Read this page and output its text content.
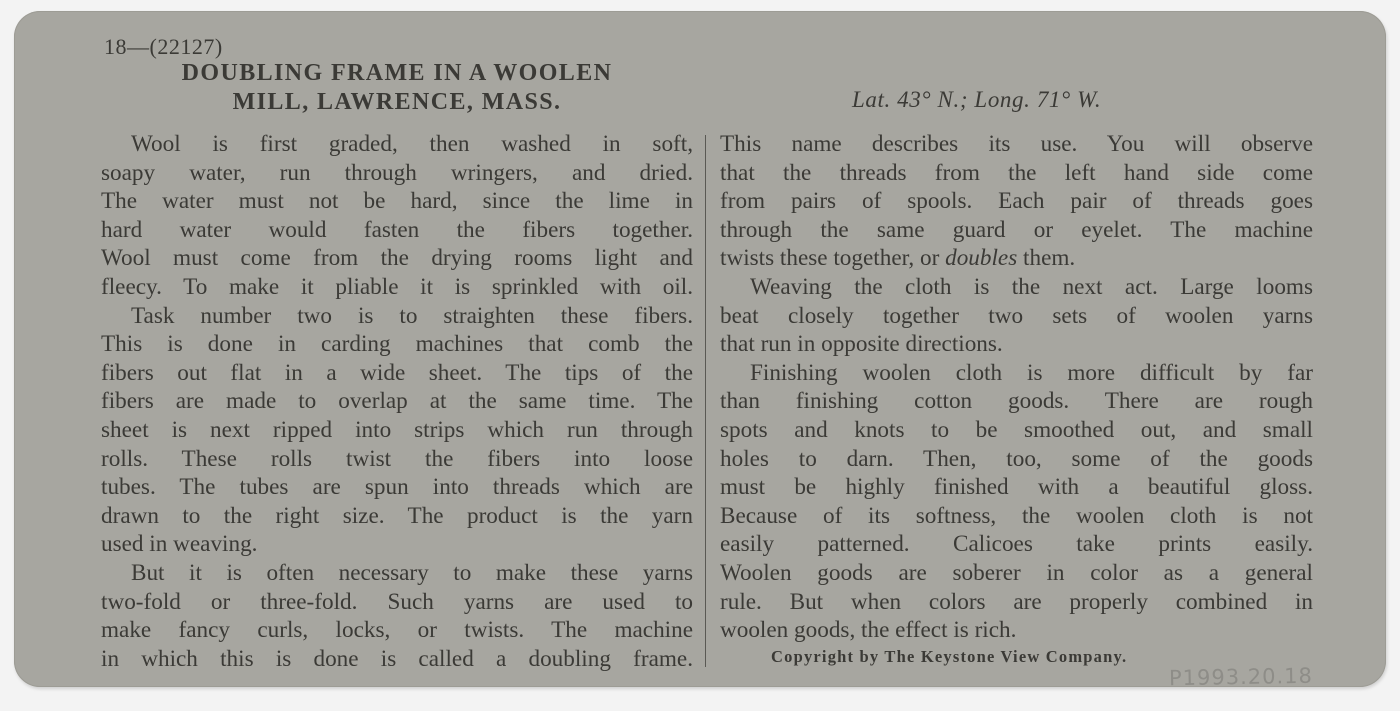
18—(22127)
DOUBLING FRAME IN A WOOLEN
MILL, LAWRENCE, MASS.	Lat. 43° N.; Long. 71° W.
Wool is first graded, then washed in soft,
soapy water, run through wringers, and dried.
The water must not be hard, since the lime in
hard water would fasten the fibers together.
Wool must come from the drying rooms light and
fleecy. To make it pliable it is sprinkled with oil.
Task number two is to straighten these fibers.
This is done in carding machines that comb the
fibers out flat in a wide sheet. The tips of the
fibers are made to overlap at the same time. The
sheet is next ripped into strips which run through
rolls. These rolls twist the fibers into loose
tubes. The tubes are spun into threads which are
drawn to the right size. The product is the yarn
used in weaving.
But it is often necessary to make these yarns
two-fold or three-fold. Such yarns are used to
make fancy curls, locks, or twists. The machine
in which this is done is called a doubling frame.
This name describes its use. You will observe
that the threads from the left hand side come
from pairs of spools. Each pair of threads goes
through the same guard or eyelet. The machine
twists these together, or doubles them.
Weaving the cloth is the next act. Large looms
beat closely together two sets of woolen yarns
that run in opposite directions.
Finishing woolen cloth is more difficult by far
than finishing cotton goods. There are rough
spots and knots to be smoothed out, and small
holes to darn. Then, too, some of the goods
must be highly finished with a beautiful gloss.
Because of its softness, the woolen cloth is not
easily patterned. Calicoes take prints easily.
Woolen goods are soberer in color as a general
rule. But when colors are properly combined in
woolen goods, the effect is rich.
Copyright by The Keystone View Company.
P1993.20.18
